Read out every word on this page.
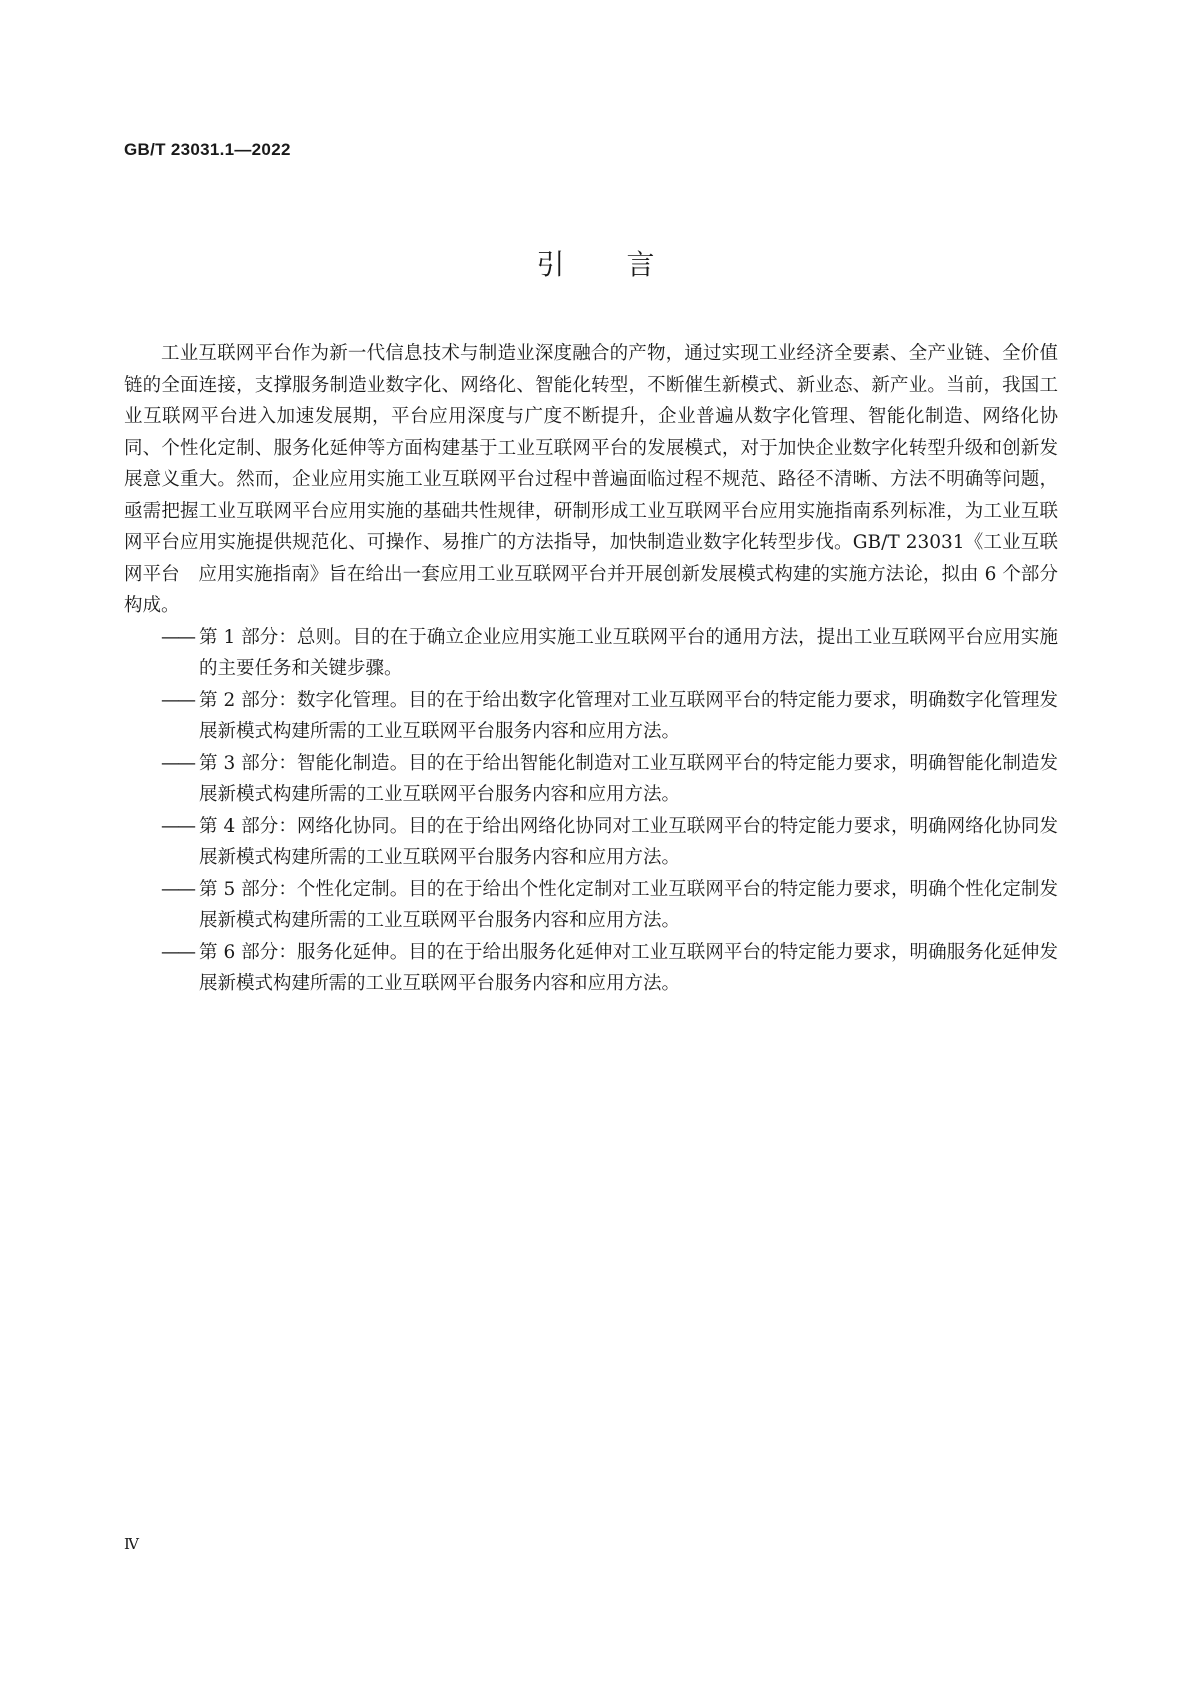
GB/T 23031.1—2022
引言

工业互联网平台作为新一代信息技术与制造业深度融合的产物，通过实现工业经济全要素、全产业链、全价值链的全面连接，支撑服务制造业数字化、网络化、智能化转型，不断催生新模式、新业态、新产业。当前，我国工业互联网平台进入加速发展期，平台应用深度与广度不断提升，企业普遍从数字化管理、智能化制造、网络化协同、个性化定制、服务化延伸等方面构建基于工业互联网平台的发展模式，对于加快企业数字化转型升级和创新发展意义重大。然而，企业应用实施工业互联网平台过程中普遍面临过程不规范、路径不清晰、方法不明确等问题，亟需把握工业互联网平台应用实施的基础共性规律，研制形成工业互联网平台应用实施指南系列标准，为工业互联网平台应用实施提供规范化、可操作、易推广的方法指导，加快制造业数字化转型步伐。GB/T 23031《工业互联网平台　应用实施指南》旨在给出一套应用工业互联网平台并开展创新发展模式构建的实施方法论，拟由 6 个部分构成。

—— 第 1 部分：总则。目的在于确立企业应用实施工业互联网平台的通用方法，提出工业互联网平台应用实施的主要任务和关键步骤。
—— 第 2 部分：数字化管理。目的在于给出数字化管理对工业互联网平台的特定能力要求，明确数字化管理发展新模式构建所需的工业互联网平台服务内容和应用方法。
—— 第 3 部分：智能化制造。目的在于给出智能化制造对工业互联网平台的特定能力要求，明确智能化制造发展新模式构建所需的工业互联网平台服务内容和应用方法。
—— 第 4 部分：网络化协同。目的在于给出网络化协同对工业互联网平台的特定能力要求，明确网络化协同发展新模式构建所需的工业互联网平台服务内容和应用方法。
—— 第 5 部分：个性化定制。目的在于给出个性化定制对工业互联网平台的特定能力要求，明确个性化定制发展新模式构建所需的工业互联网平台服务内容和应用方法。
—— 第 6 部分：服务化延伸。目的在于给出服务化延伸对工业互联网平台的特定能力要求，明确服务化延伸发展新模式构建所需的工业互联网平台服务内容和应用方法。
Ⅳ
